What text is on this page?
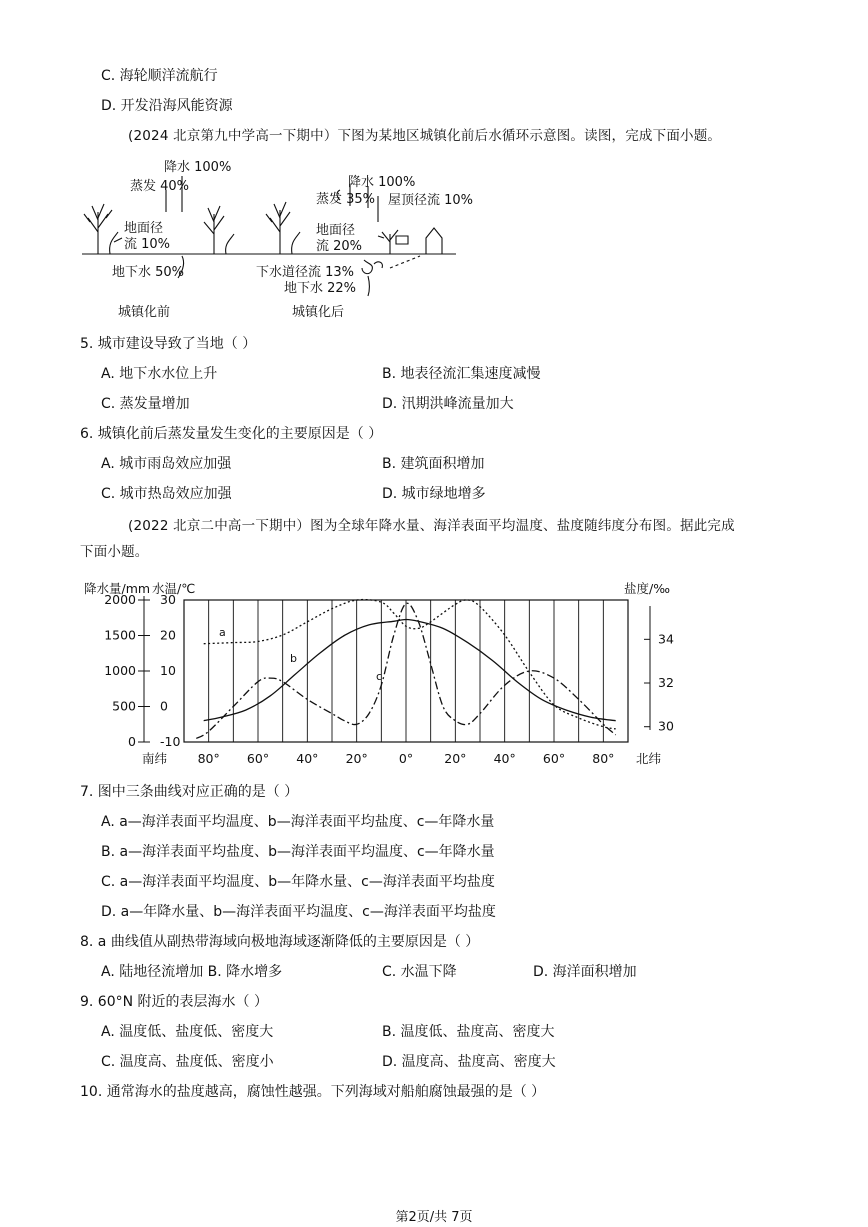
C. 海轮顺洋流航行
D. 开发沿海风能资源
(2024 北京第九中学高一下期中）下图为某地区城镇化前后水循环示意图。读图，完成下面小题。
降水 100%
蒸发 40%
地面径
流 10%
地下水 50%
城镇化前
降水 100%
蒸发 35% 屋顶径流 10%
地面径
流 20%
下水道径流 13%
地下水 22%
城镇化后
5. 城市建设导致了当地（ ）
A. 地下水水位上升	B. 地表径流汇集速度减慢
C. 蒸发量增加	D. 汛期洪峰流量加大
6. 城镇化前后蒸发量发生变化的主要原因是（ ）
A. 城市雨岛效应加强	B. 建筑面积增加
C. 城市热岛效应加强	D. 城市绿地增多
(2022 北京二中高一下期中）图为全球年降水量、海洋表面平均温度、盐度随纬度分布图。据此完成
下面小题。
降水量/mm 水温/℃	盐度/‰
南纬	北纬
0
500
1000
1500
2000
-10
0
10
20
30
30
32
34
80° 60° 40° 20° 0° 20° 40° 60° 80°
a
b
c
7. 图中三条曲线对应正确的是（ ）
A. a—海洋表面平均温度、b—海洋表面平均盐度、c—年降水量
B. a—海洋表面平均盐度、b—海洋表面平均温度、c—年降水量
C. a—海洋表面平均温度、b—年降水量、c—海洋表面平均盐度
D. a—年降水量、b—海洋表面平均温度、c—海洋表面平均盐度
8. a 曲线值从副热带海域向极地海域逐渐降低的主要原因是（ ）
A. 陆地径流增加 B. 降水增多	C. 水温下降	D. 海洋面积增加
9. 60°N 附近的表层海水（ ）
A. 温度低、盐度低、密度大	B. 温度低、盐度高、密度大
C. 温度高、盐度低、密度小	D. 温度高、盐度高、密度大
10. 通常海水的盐度越高，腐蚀性越强。下列海域对船舶腐蚀最强的是（ ）
第2页/共 7页
